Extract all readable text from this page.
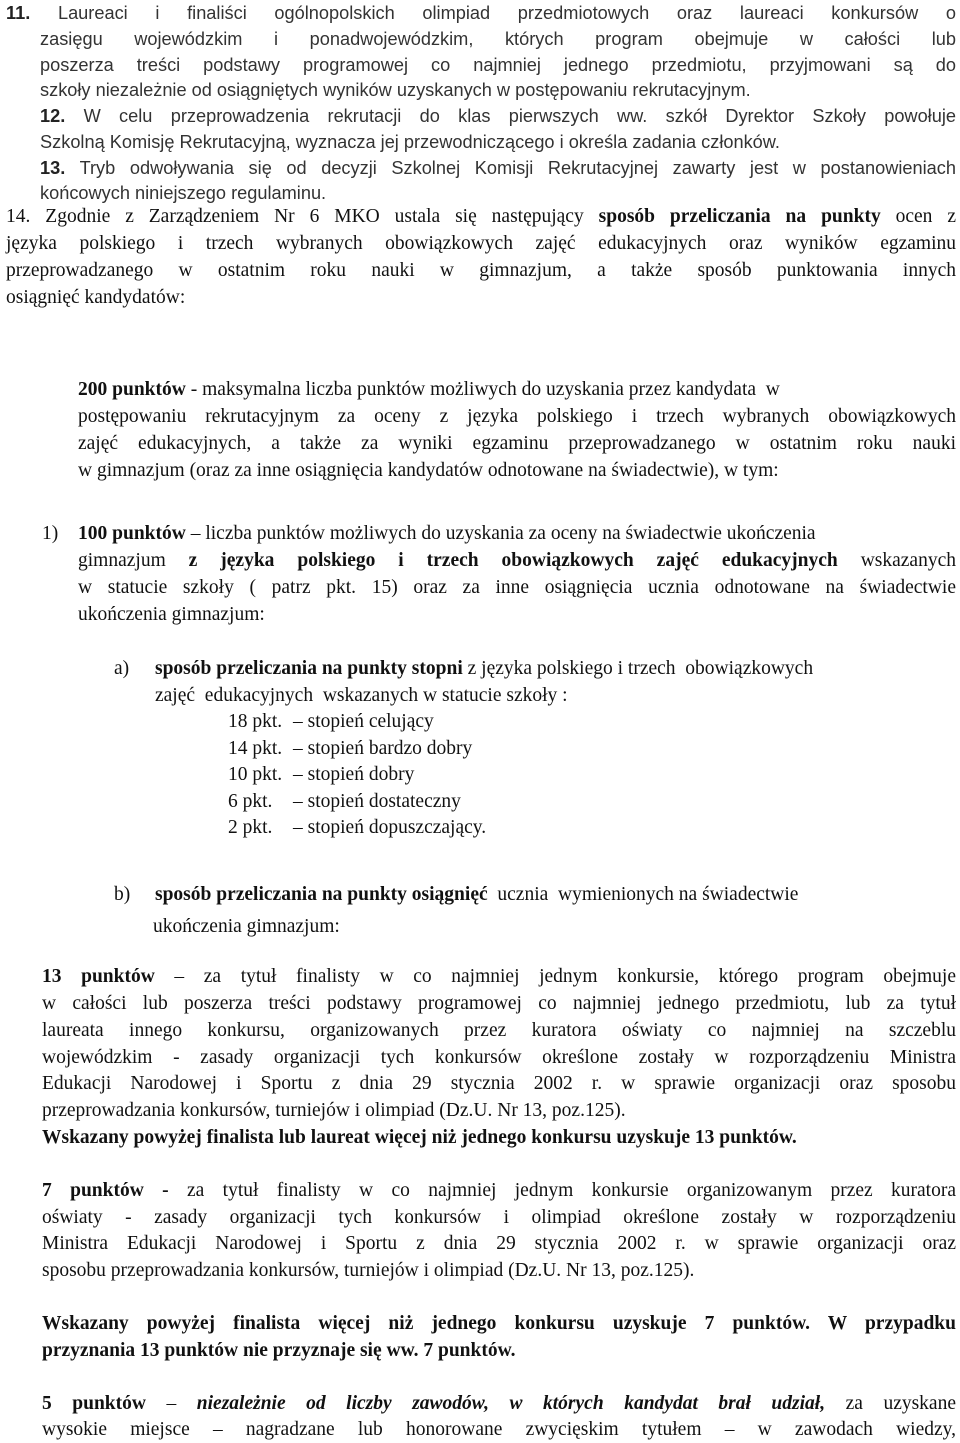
11. Laureaci i finaliści ogólnopolskich olimpiad przedmiotowych oraz laureaci konkursów o
zasięgu wojewódzkim i ponadwojewódzkim, których program obejmuje w całości lub
poszerza treści podstawy programowej co najmniej jednego przedmiotu, przyjmowani są do
szkoły niezależnie od osiągniętych wyników uzyskanych w postępowaniu rekrutacyjnym.
12. W celu przeprowadzenia rekrutacji do klas pierwszych ww. szkół Dyrektor Szkoły powołuje
Szkolną Komisję Rekrutacyjną, wyznacza jej przewodniczącego i określa zadania członków.
13. Tryb odwoływania się od decyzji Szkolnej Komisji Rekrutacyjnej zawarty jest w postanowieniach
końcowych niniejszego regulaminu.
14. Zgodnie z Zarządzeniem Nr 6 MKO ustala się następujący sposób przeliczania na punkty ocen z
języka polskiego i trzech wybranych obowiązkowych zajęć edukacyjnych oraz wyników egzaminu
przeprowadzanego w ostatnim roku nauki w gimnazjum, a także sposób punktowania innych
osiągnięć kandydatów:
200 punktów - maksymalna liczba punktów możliwych do uzyskania przez kandydata  w
postępowaniu rekrutacyjnym za oceny z języka polskiego i trzech wybranych obowiązkowych
zajęć edukacyjnych, a także za wyniki egzaminu przeprowadzanego w ostatnim roku nauki
w gimnazjum (oraz za inne osiągnięcia kandydatów odnotowane na świadectwie), w tym:
1) 100 punktów – liczba punktów możliwych do uzyskania za oceny na świadectwie ukończenia
gimnazjum z języka polskiego i trzech obowiązkowych zajęć edukacyjnych wskazanych
w statucie szkoły ( patrz pkt. 15) oraz za inne osiągnięcia ucznia odnotowane na świadectwie
ukończenia gimnazjum:
a) sposób przeliczania na punkty stopni z języka polskiego i trzech  obowiązkowych
zajęć  edukacyjnych  wskazanych w statucie szkoły :
18 pkt. – stopień celujący
14 pkt. – stopień bardzo dobry
10 pkt. – stopień dobry
6 pkt. – stopień dostateczny
2 pkt. – stopień dopuszczający.
b) sposób przeliczania na punkty osiągnięć  ucznia  wymienionych na świadectwie
ukończenia gimnazjum:
13 punktów – za tytuł finalisty w co najmniej jednym konkursie, którego program obejmuje
w całości lub poszerza treści podstawy programowej co najmniej jednego przedmiotu, lub za tytuł
laureata innego konkursu, organizowanych przez kuratora oświaty co najmniej na szczeblu
wojewódzkim - zasady organizacji tych konkursów określone zostały w rozporządzeniu Ministra
Edukacji Narodowej i Sportu z dnia 29 stycznia 2002 r. w sprawie organizacji oraz sposobu
przeprowadzania konkursów, turniejów i olimpiad (Dz.U. Nr 13, poz.125).
Wskazany powyżej finalista lub laureat więcej niż jednego konkursu uzyskuje 13 punktów.
7 punktów - za tytuł finalisty w co najmniej jednym konkursie organizowanym przez kuratora
oświaty - zasady organizacji tych konkursów i olimpiad określone zostały w rozporządzeniu
Ministra Edukacji Narodowej i Sportu z dnia 29 stycznia 2002 r. w sprawie organizacji oraz
sposobu przeprowadzania konkursów, turniejów i olimpiad (Dz.U. Nr 13, poz.125).
Wskazany powyżej finalista więcej niż jednego konkursu uzyskuje 7 punktów. W przypadku
przyznania 13 punktów nie przyznaje się ww. 7 punktów.
5 punktów – niezależnie od liczby zawodów, w których kandydat brał udział, za uzyskane
wysokie miejsce – nagradzane lub honorowane zwycięskim tytułem – w zawodach wiedzy,
